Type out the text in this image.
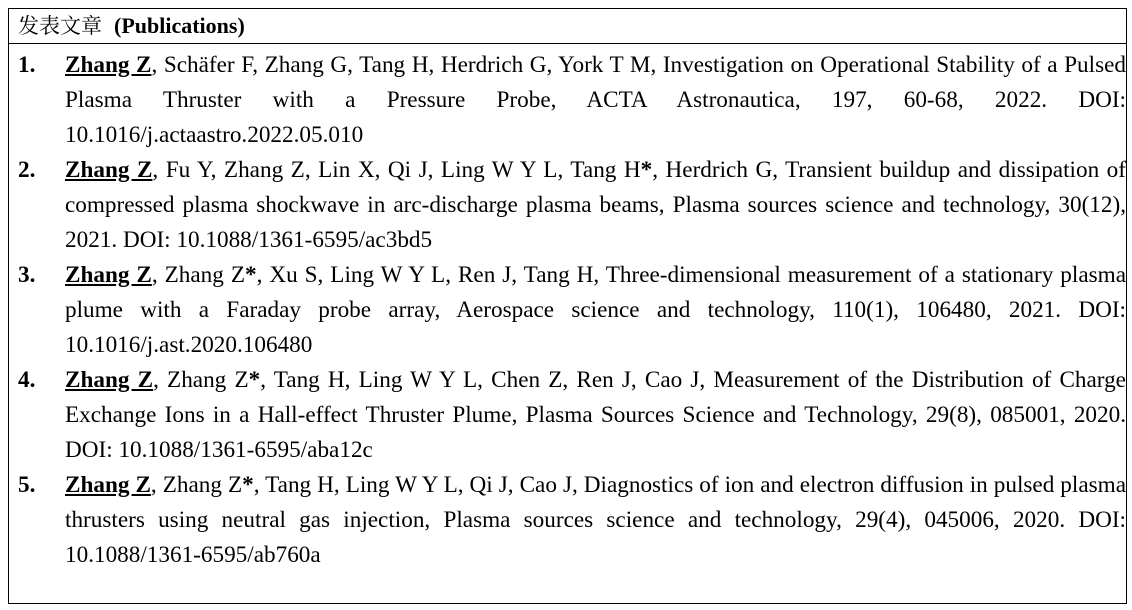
发表文章 (Publications)
1.	Zhang Z, Schäfer F, Zhang G, Tang H, Herdrich G, York T M, Investigation on Operational Stability of a Pulsed Plasma Thruster with a Pressure Probe, ACTA Astronautica, 197, 60-68, 2022. DOI: 10.1016/j.actaastro.2022.05.010
2.	Zhang Z, Fu Y, Zhang Z, Lin X, Qi J, Ling W Y L, Tang H*, Herdrich G, Transient buildup and dissipation of compressed plasma shockwave in arc-discharge plasma beams, Plasma sources science and technology, 30(12), 2021. DOI: 10.1088/1361-6595/ac3bd5
3.	Zhang Z, Zhang Z*, Xu S, Ling W Y L, Ren J, Tang H, Three-dimensional measurement of a stationary plasma plume with a Faraday probe array, Aerospace science and technology, 110(1), 106480, 2021. DOI: 10.1016/j.ast.2020.106480
4.	Zhang Z, Zhang Z*, Tang H, Ling W Y L, Chen Z, Ren J, Cao J, Measurement of the Distribution of Charge Exchange Ions in a Hall-effect Thruster Plume, Plasma Sources Science and Technology, 29(8), 085001, 2020. DOI: 10.1088/1361-6595/aba12c
5.	Zhang Z, Zhang Z*, Tang H, Ling W Y L, Qi J, Cao J, Diagnostics of ion and electron diffusion in pulsed plasma thrusters using neutral gas injection, Plasma sources science and technology, 29(4), 045006, 2020. DOI: 10.1088/1361-6595/ab760a
